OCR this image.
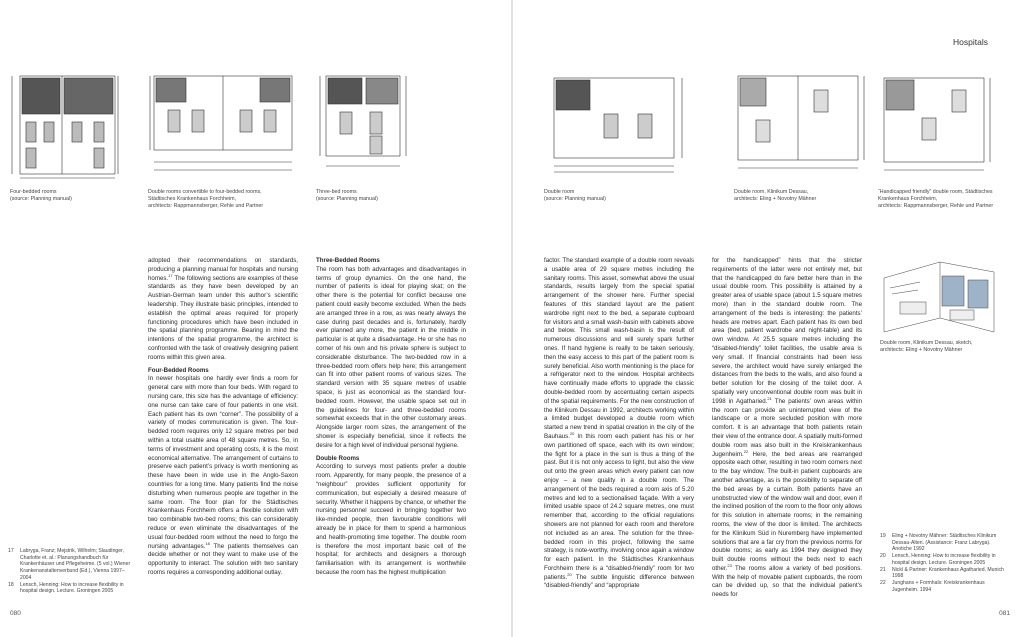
Hospitals
Four-bedded rooms
(source: Planning manual)
Double rooms convertible to four-bedded rooms,
Städtisches Krankenhaus Forchheim,
architects: Rappmannsberger, Rehle und Partner
Three-bed rooms
(source: Planning manual)
Double room
(source: Planning manual)
Double room, Klinikum Dessau,
architects: Eling + Novotny Mähner
“Handicapped friendly” double room, Städtisches
Krankenhaus Forchheim,
architects: Rappmannsberger, Rehle und Partner
Double room, Klinikum Dessau, sketch,
architects: Eling + Novotny Mähner

adopted their recommendations on standards, producing a planning manual for hospitals and nursing homes.$^{17}$ The following sections are examples of these standards as they have been developed by an Austrian-German team under this author’s scientific leadership. They illustrate basic principles, intended to establish the optimal areas required for properly functioning procedures which have been included in the spatial planning programme. Bearing in mind the intentions of the spatial programme, the architect is confronted with the task of creatively designing patient rooms within this given area.

Four-Bedded Rooms

In newer hospitals one hardly ever finds a room for general care with more than four beds. With regard to nursing care, this size has the advantage of efficiency: one nurse can take care of four patients in one visit. Each patient has its own “corner”. The possibility of a variety of modes communication is given. The four-bedded room requires only 12 square metres per bed within a total usable area of 48 square metres. So, in terms of investment and operating costs, it is the most economical alternative. The arrangement of curtains to preserve each patient’s privacy is worth mentioning as these have been in wide use in the Anglo-Saxon countries for a long time. Many patients find the noise disturbing when numerous people are together in the same room. The floor plan for the Städtisches Krankenhaus Forchheim offers a flexible solution with two combinable two-bed rooms; this can considerably reduce or even eliminate the disadvantages of the usual four-bedded room without the need to forgo the nursing advantages.$^{18}$ The patients themselves can decide whether or not they want to make use of the opportunity to interact. The solution with two sanitary rooms requires a corresponding additional outlay.

Three-Bedded Rooms

The room has both advantages and disadvantages in terms of group dynamics. On the one hand, the number of patients is ideal for playing skat; on the other there is the potential for conflict because one patient could easily become excluded. When the beds are arranged three in a row, as was nearly always the case during past decades and is, fortunately, hardly ever planned any more, the patient in the middle in particular is at quite a disadvantage. He or she has no corner of his own and his private sphere is subject to considerable disturbance. The two-bedded row in a three-bedded room offers help here; this arrangement can fit into other patient rooms of various sizes. The standard version with 35 square metres of usable space, is just as economical as the standard four-bedded room. However, the usable space set out in the guidelines for four- and three-bedded rooms somewhat exceeds that in the other customary areas. Alongside larger room sizes, the arrangement of the shower is especially beneficial, since it reflects the desire for a high level of individual personal hygiene.

Double Rooms

According to surveys most patients prefer a double room. Apparently, for many people, the presence of a “neighbour” provides sufficient opportunity for communication, but especially a desired measure of security. Whether it happens by chance, or whether the nursing personnel succeed in bringing together two like-minded people, then favourable conditions will already be in place for them to spend a harmonious and health-promoting time together. The double room is therefore the most important basic cell of the hospital; for architects and designers a thorough familiarisation with its arrangement is worthwhile because the room has the highest multiplication

factor. The standard example of a double room reveals a usable area of 29 square metres including the sanitary rooms. This asset, somewhat above the usual standards, results largely from the special spatial arrangement of the shower here. Further special features of this standard layout are the patient wardrobe right next to the bed, a separate cupboard for visitors and a small wash-basin with cabinets above and below. This small wash-basin is the result of numerous discussions and will surely spark further ones. If hand hygiene is really to be taken seriously, then the easy access to this part of the patient room is surely beneficial. Also worth mentioning is the place for a refrigerator next to the window. Hospital architects have continually made efforts to upgrade the classic double-bedded room by accentuating certain aspects of the spatial requirements. For the new construction of the Klinikum Dessau in 1992, architects working within a limited budget developed a double room which started a new trend in spatial creation in the city of the Bauhaus.$^{20}$ In this room each patient has his or her own partitioned off space, each with its own window; the fight for a place in the sun is thus a thing of the past. But it is not only access to light, but also the view out onto the green areas which every patient can now enjoy – a new quality in a double room. The arrangement of the beds required a room axis of 5.20 metres and led to a sectionalised façade. With a very limited usable space of 24.2 square metres, one must remember that, according to the official regulations showers are not planned for each room and therefore not included as an area. The solution for the three-bedded room in this project, following the same strategy, is note-worthy, involving once again a window for each patient. In the Städtisches Krankenhaus Forchheim there is a “disabled-friendly” room for two patients.$^{20}$ The subtle linguistic difference between “disabled-friendly” and “appropriate

for the handicapped” hints that the stricter requirements of the latter were not entirely met, but that the handicapped do fare better here than in the usual double room. This possibility is attained by a greater area of usable space (about 1.5 square metres more) than in the standard double room. The arrangement of the beds is interesting: the patients’ heads are metres apart. Each patient has its own bed area (bed, patient wardrobe and night-table) and its own window. At 25.5 square metres including the “disabled-friendly” toilet facilities, the usable area is very small. If financial constraints had been less severe, the architect would have surely enlarged the distances from the beds to the walls, and also found a better solution for the closing of the toilet door. A spatially very unconventional double room was built in 1998 in Agatharied.$^{21}$ The patients’ own areas within the room can provide an uninterrupted view of the landscape or a more secluded position with more comfort. It is an advantage that both patients retain their view of the entrance door. A spatially multi-formed double room was also built in the Kreiskrankenhaus Jugenheim.$^{22}$ Here, the bed areas are rearranged opposite each other, resulting in two room corners next to the bay window. The built-in patient cupboards are another advantage, as is the possibility to separate off the bed areas by a curtain. Both patients have an unobstructed view of the window wall and door, even if the inclined position of the room to the floor only allows for this solution in alternate rooms; in the remaining rooms, the view of the door is limited. The architects for the Klinikum Süd in Nuremberg have implemented solutions that are a far cry from the previous norms for double rooms; as early as 1994 they designed they built double rooms without the beds next to each other.$^{23}$ The rooms allow a variety of bed positions. With the help of movable patient cupboards, the room can be divided up, so that the individual patient’s needs for

17	Labryga, Franz; Mejstrik, Wilhelm; Slaudinger, Charlotte et. al.: Planungshandbuch für Krankenhäuser und Pflegeheime. (5 vol.) Wiener Krankenanstaltenverbund (Ed.), Vienna 1997–2004
18	Lensch, Henning: How to increase flexibility in hospital design. Lecture. Groningen 2005
19	Eling + Novotny Mähner: Städtisches Klinikum Dessau-Alten. (Assistance: Franz Labryga). Anotiche 1992
20	Lensch, Henning: How to increase flexibility in hospital design. Lecture. Groningen 2005
21	Nickl & Partner: Krankenhaus Agatharied. Munich 1998
22	Junghans + Formhals: Kreiskrankenhaus Jugenheim. 1994
080	081
